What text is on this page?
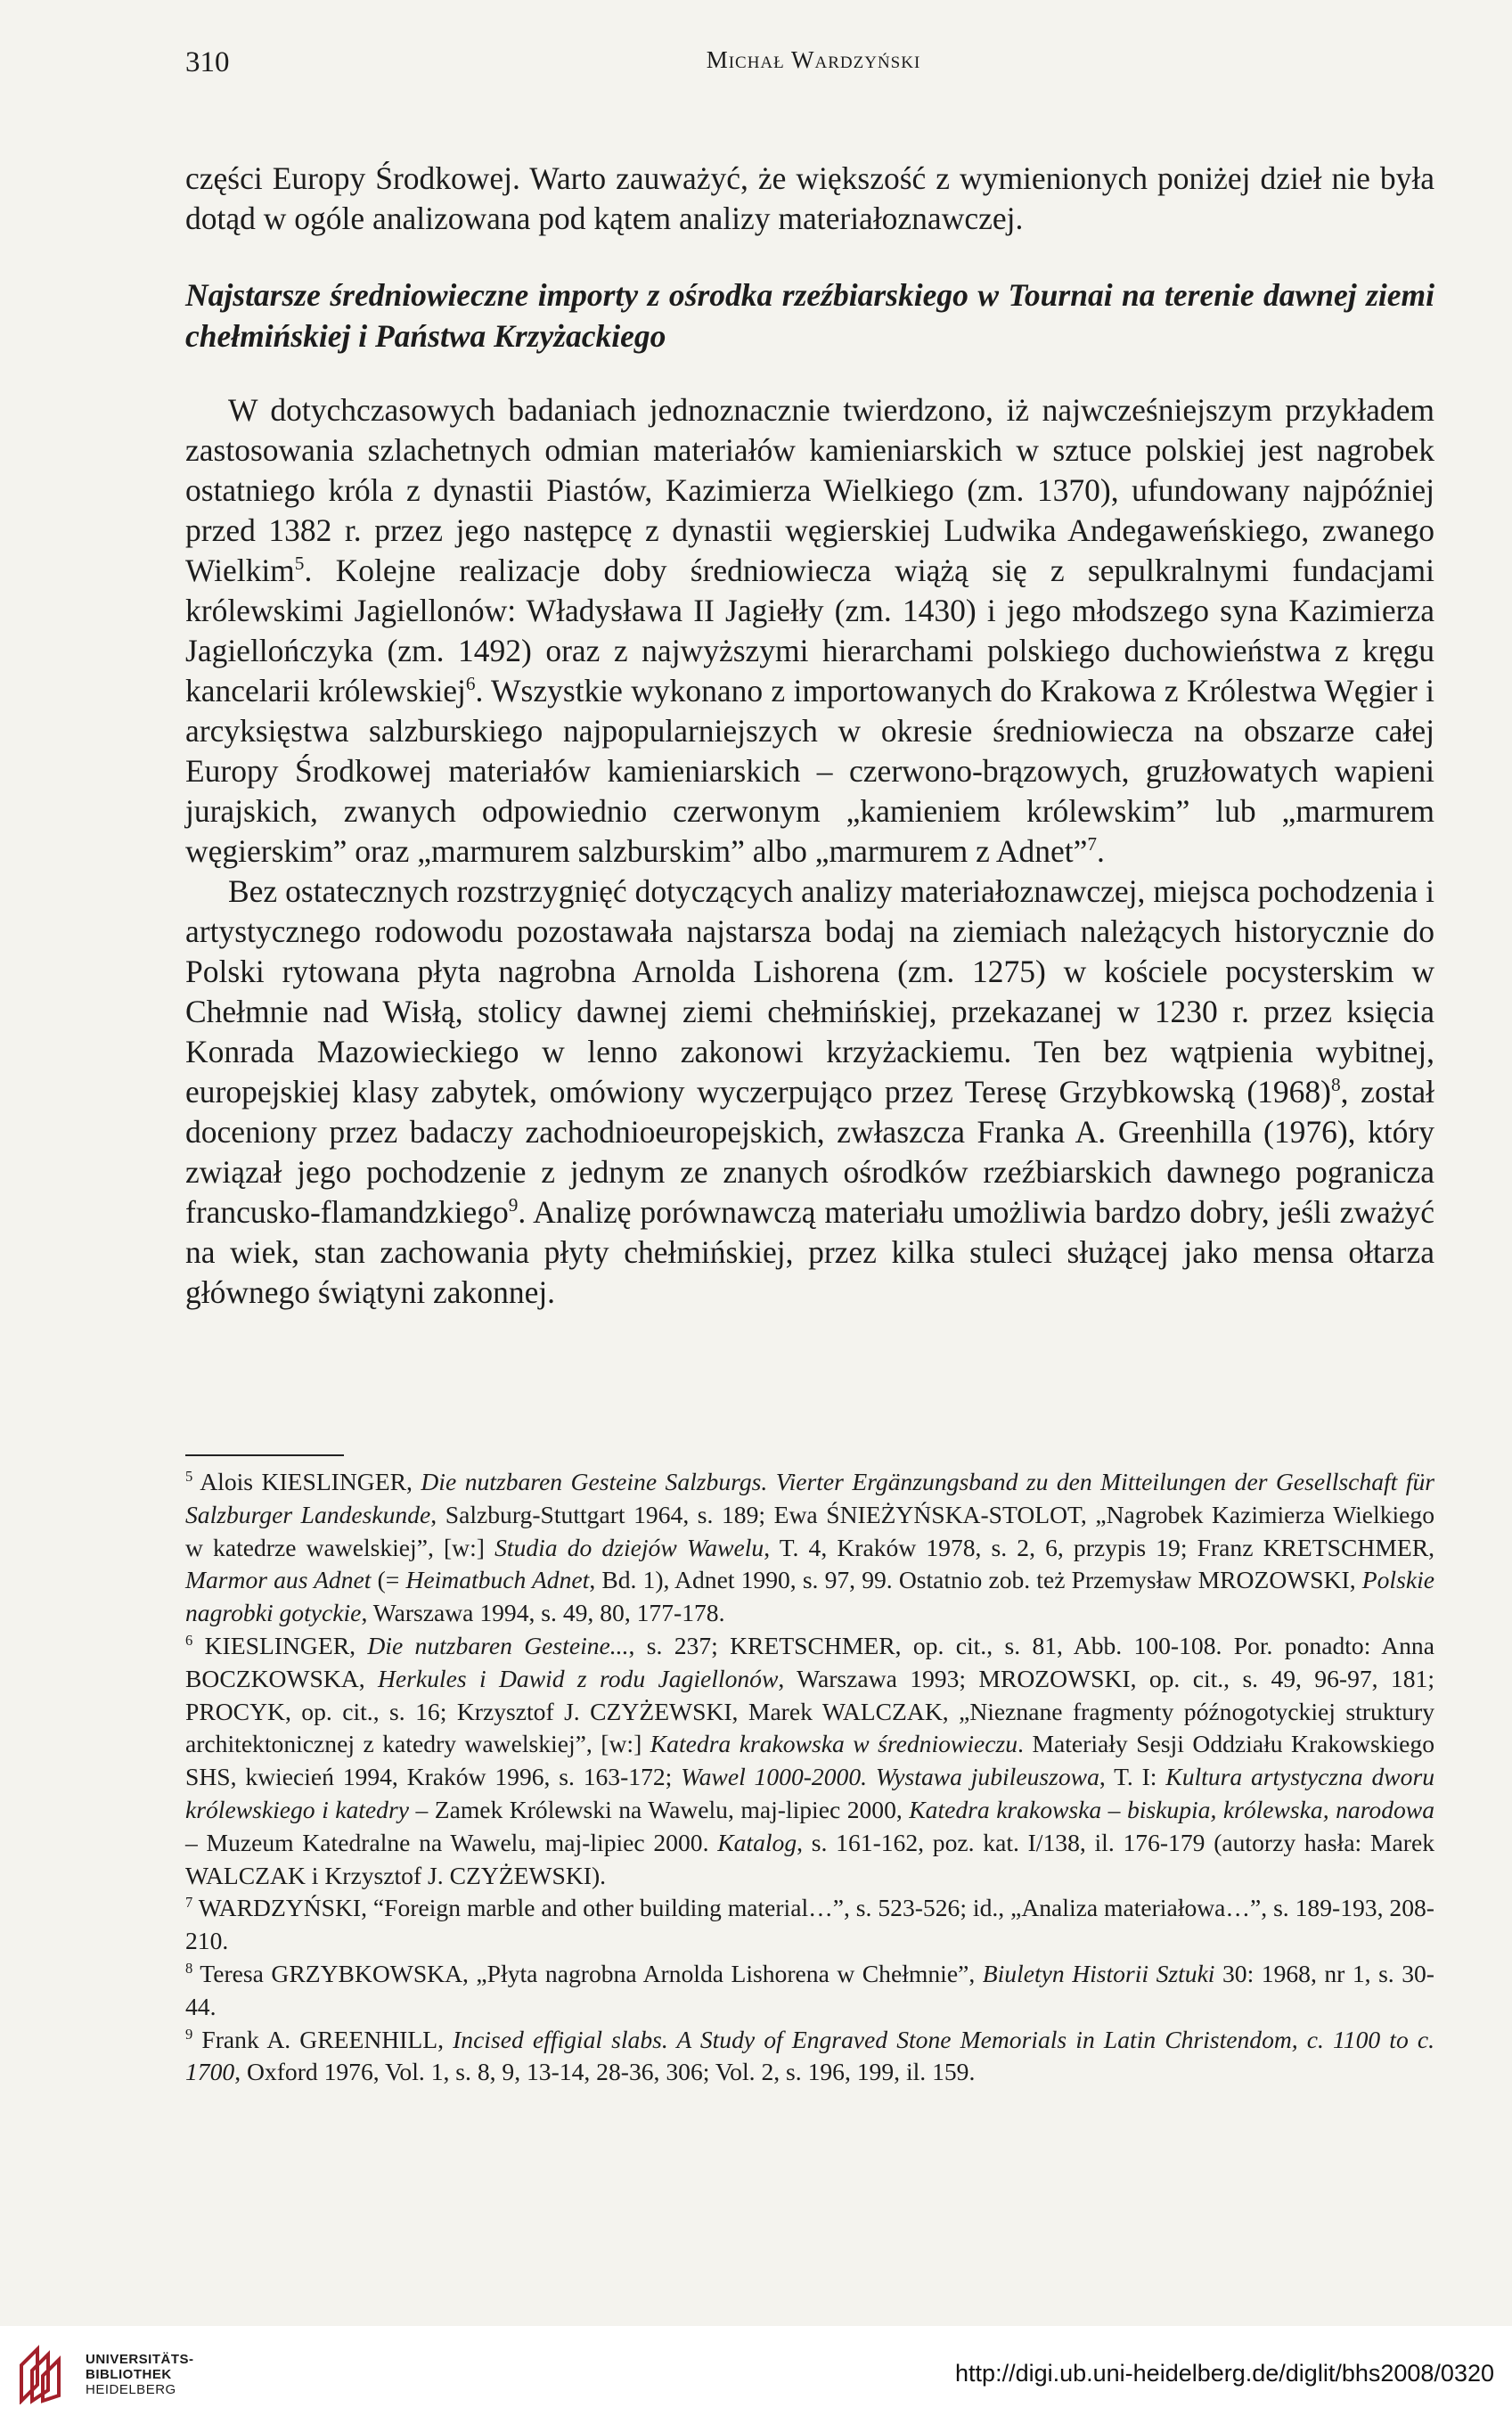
310	Michał Wardzyński

części Europy Środkowej. Warto zauważyć, że większość z wymienionych poniżej dzieł nie była dotąd w ogóle analizowana pod kątem analizy materiałoznawczej.

Najstarsze średniowieczne importy z ośrodka rzeźbiarskiego w Tournai na terenie dawnej ziemi chełmińskiej i Państwa Krzyżackiego

W dotychczasowych badaniach jednoznacznie twierdzono, iż najwcześniejszym przykładem zastosowania szlachetnych odmian materiałów kamieniarskich w sztuce polskiej jest nagrobek ostatniego króla z dynastii Piastów, Kazimierza Wielkiego (zm. 1370), ufundowany najpóźniej przed 1382 r. przez jego następcę z dynastii węgierskiej Ludwika Andegaweńskiego, zwanego Wielkim$^5$. Kolejne realizacje doby średniowiecza wiążą się z sepulkralnymi fundacjami królewskimi Jagiellonów: Władysława II Jagiełły (zm. 1430) i jego młodszego syna Kazimierza Jagiellończyka (zm. 1492) oraz z najwyższymi hierarchami polskiego duchowieństwa z kręgu kancelarii królewskiej$^6$. Wszystkie wykonano z importowanych do Krakowa z Królestwa Węgier i arcyksięstwa salzburskiego najpopularniejszych w okresie średniowiecza na obszarze całej Europy Środkowej materiałów kamieniarskich – czerwono-brązowych, gruzłowatych wapieni jurajskich, zwanych odpowiednio czerwonym „kamieniem królewskim” lub „marmurem węgierskim” oraz „marmurem salzburskim” albo „marmurem z Adnet”$^7$.

Bez ostatecznych rozstrzygnięć dotyczących analizy materiałoznawczej, miejsca pochodzenia i artystycznego rodowodu pozostawała najstarsza bodaj na ziemiach należących historycznie do Polski rytowana płyta nagrobna Arnolda Lishorena (zm. 1275) w kościele pocysterskim w Chełmnie nad Wisłą, stolicy dawnej ziemi chełmińskiej, przekazanej w 1230 r. przez księcia Konrada Mazowieckiego w lenno zakonowi krzyżackiemu. Ten bez wątpienia wybitnej, europejskiej klasy zabytek, omówiony wyczerpująco przez Teresę Grzybkowską $(1968)^8$, został doceniony przez badaczy zachodnioeuropejskich, zwłaszcza Franka A. Greenhilla (1976), który związał jego pochodzenie z jednym ze znanych ośrodków rzeźbiarskich dawnego pogranicza francusko-flamandzkiego$^9$. Analizę porównawczą materiału umożliwia bardzo dobry, jeśli zważyć na wiek, stan zachowania płyty chełmińskiej, przez kilka stuleci służącej jako mensa ołtarza głównego świątyni zakonnej.

$^5$ Alois KIESLINGER, Die nutzbaren Gesteine Salzburgs. Vierter Ergänzungsband zu den Mitteilungen der Gesellschaft für Salzburger Landeskunde, Salzburg-Stuttgart 1964, s. 189; Ewa ŚNIEŻYŃSKA-STOLOT, „Nagrobek Kazimierza Wielkiego w katedrze wawelskiej”, [w:] Studia do dziejów Wawelu, T. 4, Kraków 1978, s. 2, 6, przypis 19; Franz KRETSCHMER, Marmor aus Adnet (= Heimatbuch Adnet, Bd. 1), Adnet 1990, s. 97, 99. Ostatnio zob. też Przemysław MROZOWSKI, Polskie nagrobki gotyckie, Warszawa 1994, s. 49, 80, 177-178.

$^6$ KIESLINGER, Die nutzbaren Gesteine..., s. 237; KRETSCHMER, op. cit., s. 81, Abb. 100-108. Por. ponadto: Anna BOCZKOWSKA, Herkules i Dawid z rodu Jagiellonów, Warszawa 1993; MROZOWSKI, op. cit., s. 49, 96-97, 181; PROCYK, op. cit., s. 16; Krzysztof J. CZYŻEWSKI, Marek WALCZAK, „Nieznane fragmenty późnogotyckiej struktury architektonicznej z katedry wawelskiej”, [w:] Katedra krakowska w średniowieczu. Materiały Sesji Oddziału Krakowskiego SHS, kwiecień 1994, Kraków 1996, s. 163-172; Wawel 1000-2000. Wystawa jubileuszowa, T. I: Kultura artystyczna dworu królewskiego i katedry – Zamek Królewski na Wawelu, maj-lipiec 2000, Katedra krakowska – biskupia, królewska, narodowa – Muzeum Katedralne na Wawelu, maj-lipiec 2000. Katalog, s. 161-162, poz. kat. I/138, il. 176-179 (autorzy hasła: Marek WALCZAK i Krzysztof J. CZYŻEWSKI).

$^7$ WARDZYŃSKI, “Foreign marble and other building material…”, s. 523-526; id., „Analiza materiałowa…”, s. 189-193, 208-210.

$^8$ Teresa GRZYBKOWSKA, „Płyta nagrobna Arnolda Lishorena w Chełmnie”, Biuletyn Historii Sztuki 30: 1968, nr 1, s. 30-44.

$^9$ Frank A. GREENHILL, Incised effigial slabs. A Study of Engraved Stone Memorials in Latin Christendom, c. 1100 to c. 1700, Oxford 1976, Vol. 1, s. 8, 9, 13-14, 28-36, 306; Vol. 2, s. 196, 199, il. 159.

UNIVERSITÄTS-
BIBLIOTHEK
HEIDELBERG
http://digi.ub.uni-heidelberg.de/diglit/bhs2008/0320
